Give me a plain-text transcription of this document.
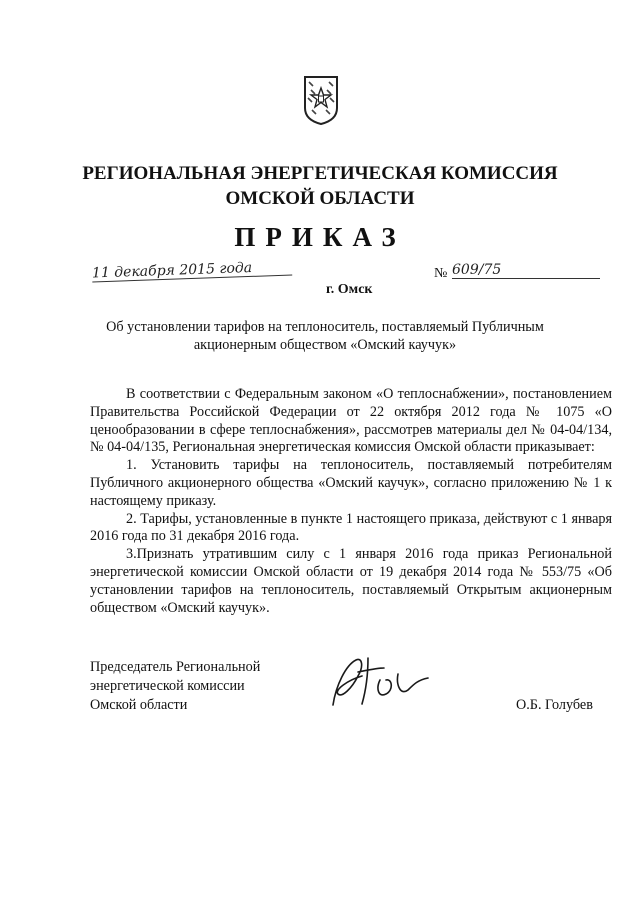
РЕГИОНАЛЬНАЯ ЭНЕРГЕТИЧЕСКАЯ КОМИССИЯ
ОМСКОЙ ОБЛАСТИ
ПРИКАЗ
11 декабря 2015 года
г. Омск
№ 609/75
Об установлении тарифов на теплоноситель, поставляемый Публичным
акционерным обществом «Омский каучук»

В соответствии с Федеральным законом «О теплоснабжении», постановлением Правительства Российской Федерации от 22 октября 2012 года № 1075 «О ценообразовании в сфере теплоснабжения», рассмотрев материалы дел № 04-04/134, № 04-04/135, Региональная энергетическая комиссия Омской области приказывает:

1. Установить тарифы на теплоноситель, поставляемый потребителям Публичного акционерного общества «Омский каучук», согласно приложению № 1 к настоящему приказу.

2. Тарифы, установленные в пункте 1 настоящего приказа, действуют с 1 января 2016 года по 31 декабря 2016 года.

3.Признать утратившим силу с 1 января 2016 года приказ Региональной энергетической комиссии Омской области от 19 декабря 2014 года № 553/75 «Об установлении тарифов на теплоноситель, поставляемый Открытым акционерным обществом «Омский каучук».

Председатель Региональной
энергетической комиссии
Омской области	О.Б. Голубев
